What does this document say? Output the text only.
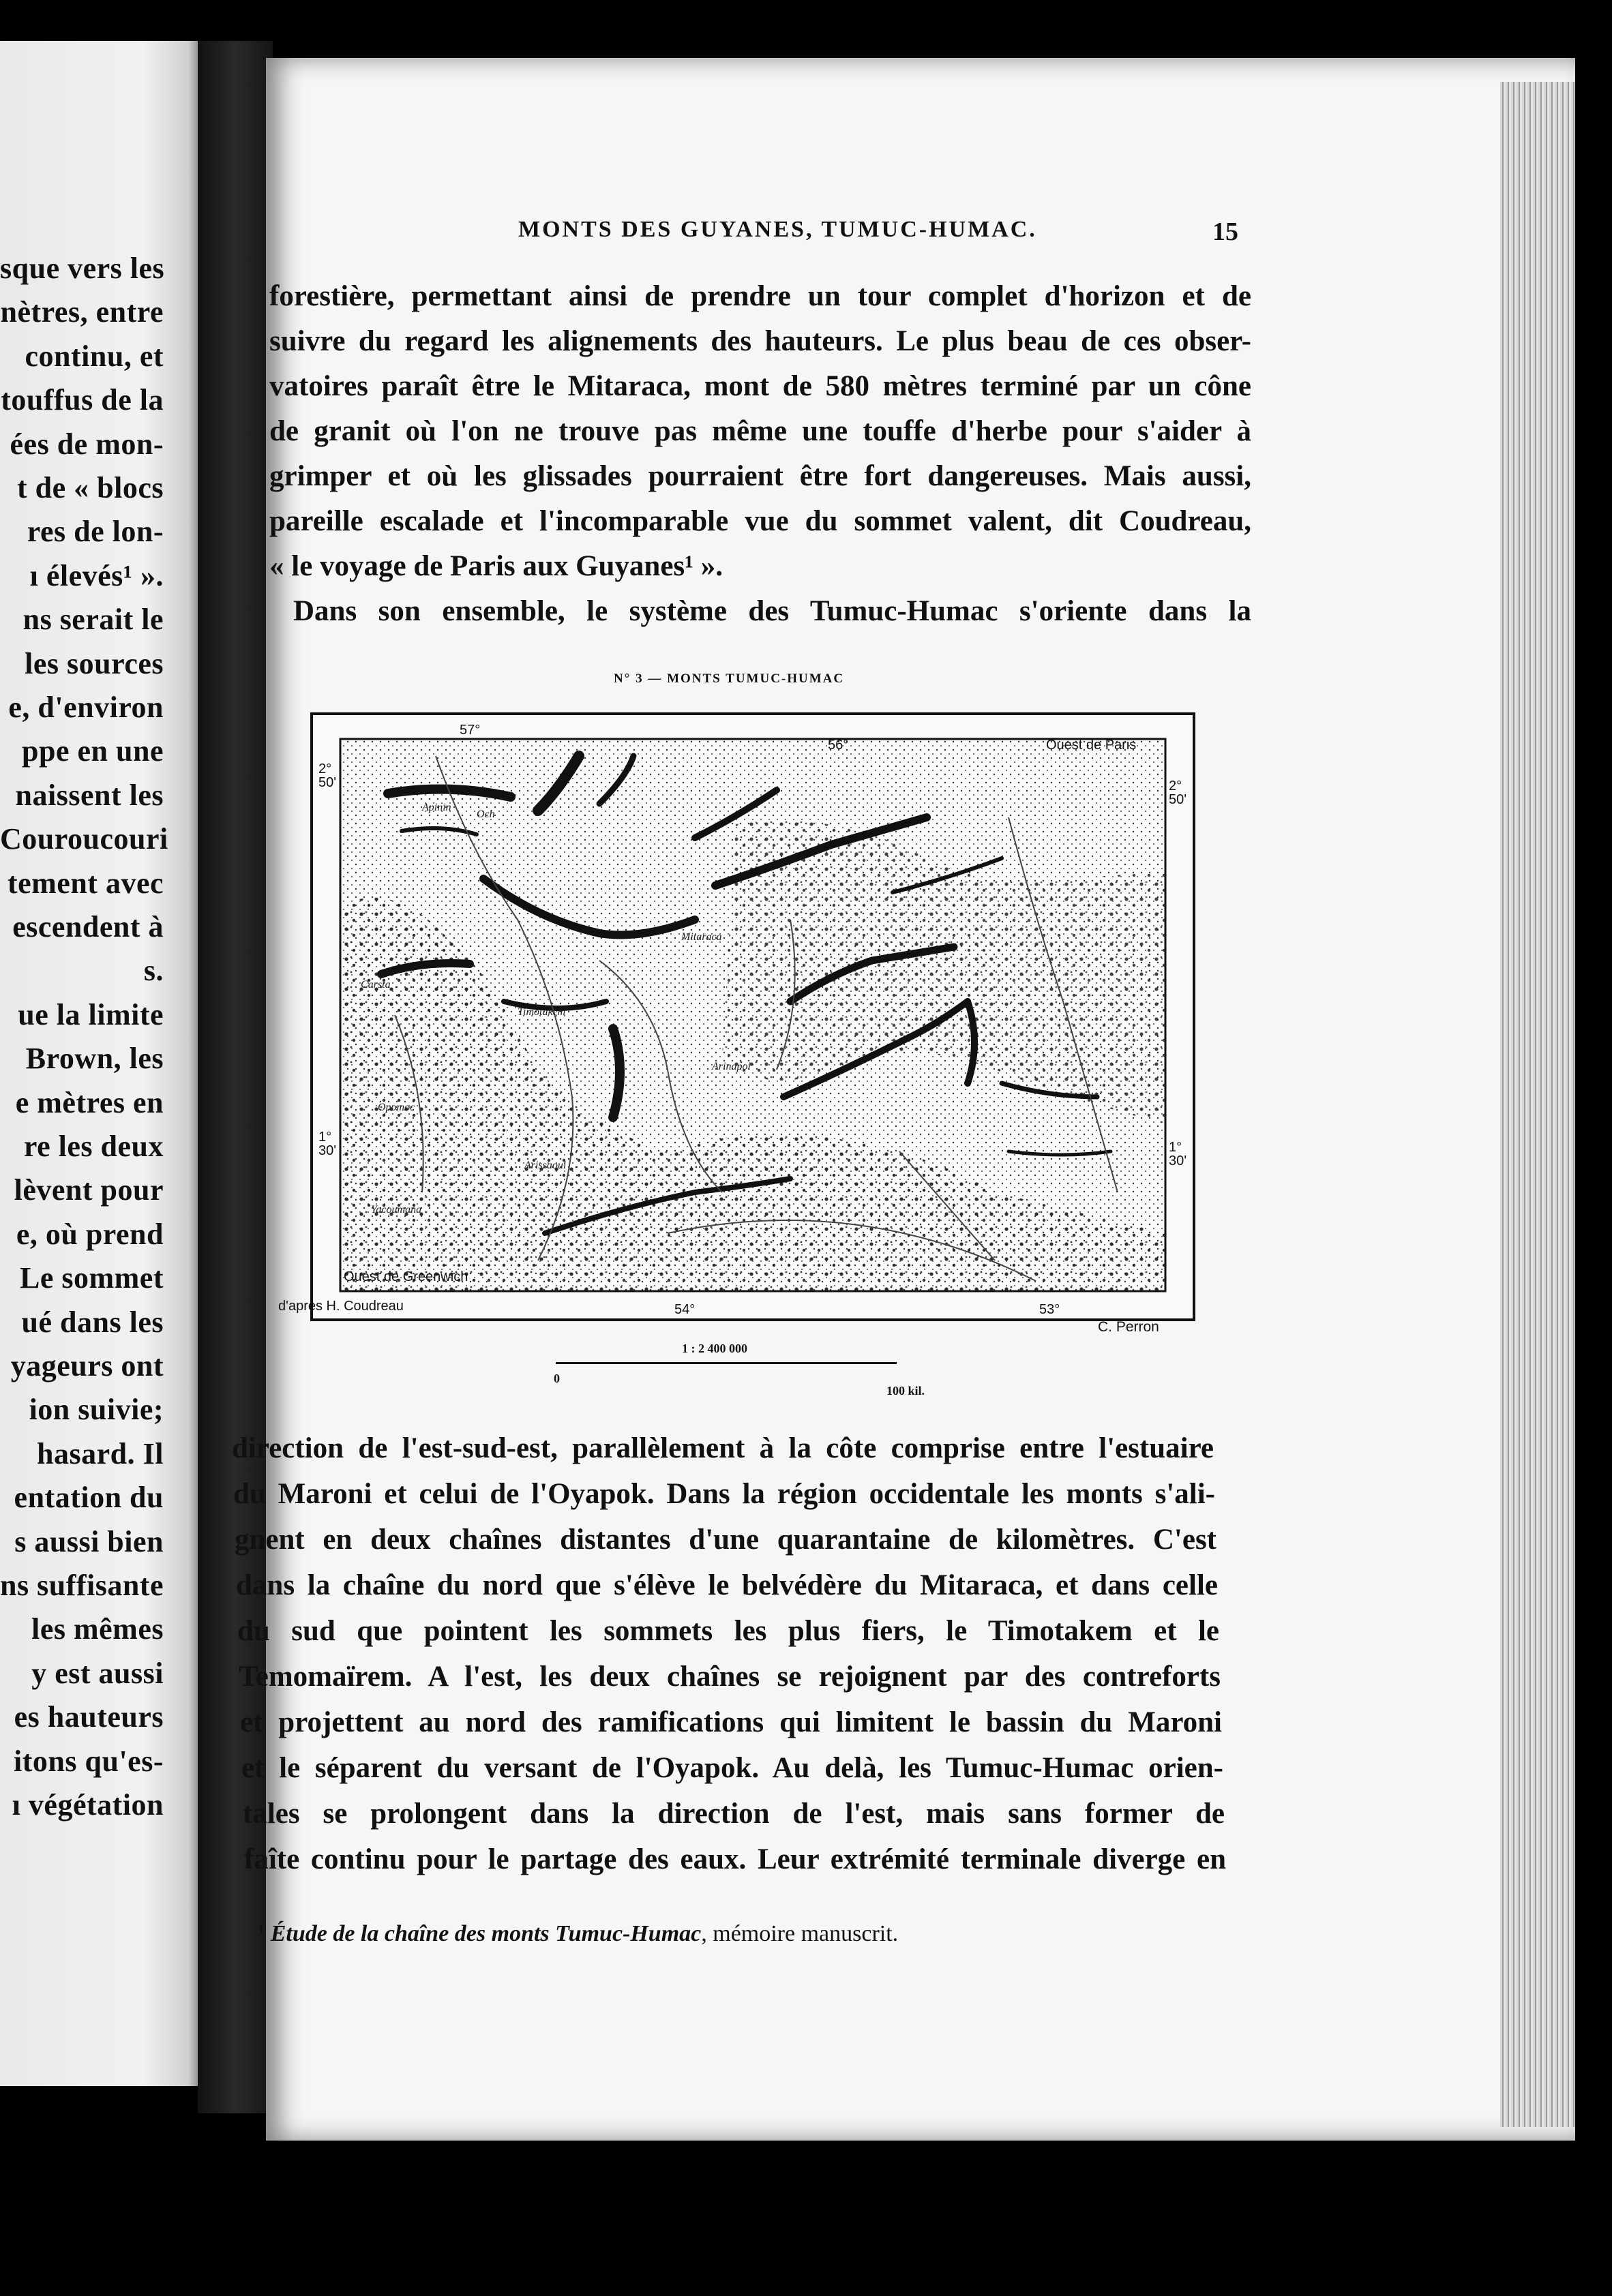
sque vers les
nètres, entre
continu, et
touffus de la
ées de mon-
t de « blocs
res de lon-
ı élevés¹ ».
ns serait le
les sources
e, d'environ
ppe en une
naissent les
Couroucouri
tement avec
escendent à
s.
ue la limite
Brown, les
e mètres en
re les deux
lèvent pour
e, où prend
Le sommet
ué dans les
yageurs ont
ion suivie;
hasard. Il
entation du
s aussi bien
ns suffisante
les mêmes
y est aussi
es hauteurs
itons qu'es-
ı végétation
MONTS DES GUYANES, TUMUC-HUMAC.	15
forestière, permettant ainsi de prendre un tour complet d'horizon et de
suivre du regard les alignements des hauteurs. Le plus beau de ces obser-
vatoires paraît être le Mitaraca, mont de 580 mètres terminé par un cône
de granit où l'on ne trouve pas même une touffe d'herbe pour s'aider à
grimper et où les glissades pourraient être fort dangereuses. Mais aussi,
pareille escalade et l'incomparable vue du sommet valent, dit Coudreau,
« le voyage de Paris aux Guyanes¹ ».
Dans son ensemble, le système des Tumuc-Humac s'oriente dans la
N° 3 — MONTS TUMUC-HUMAC
57°
56°	Ouest de Paris
Ouest de Greenwich
54°	53°
2° 50'	2° 50'
1° 30'	1° 30'
Apinin
Och
Carsta
Opomoc
Arissaoui
Yacoumana
Arinapoi
Timotakem
Mitaraca
d'après H. Coudreau
C. Perron
1 : 2 400 000
0
100 kil.
direction de l'est-sud-est, parallèlement à la côte comprise entre l'estuaire
du Maroni et celui de l'Oyapok. Dans la région occidentale les monts s'ali-
gnent en deux chaînes distantes d'une quarantaine de kilomètres. C'est
dans la chaîne du nord que s'élève le belvédère du Mitaraca, et dans celle
du sud que pointent les sommets les plus fiers, le Timotakem et le
Temomaïrem. A l'est, les deux chaînes se rejoignent par des contreforts
et projettent au nord des ramifications qui limitent le bassin du Maroni
et le séparent du versant de l'Oyapok. Au delà, les Tumuc-Humac orien-
tales se prolongent dans la direction de l'est, mais sans former de
faîte continu pour le partage des eaux. Leur extrémité terminale diverge en
¹ Étude de la chaîne des monts Tumuc-Humac, mémoire manuscrit.
